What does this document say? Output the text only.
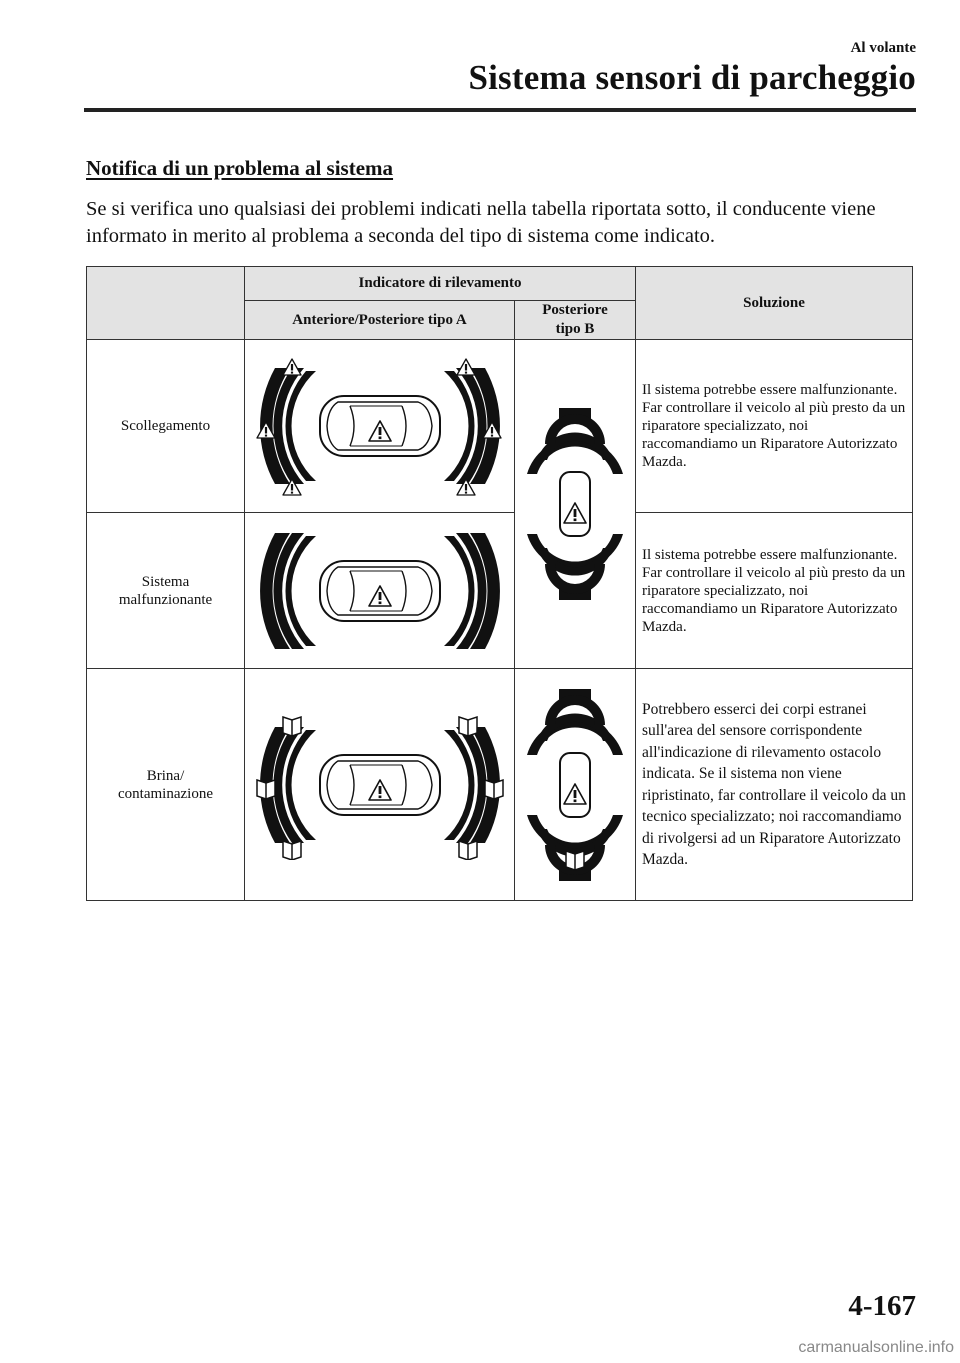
Al volante
Sistema sensori di parcheggio
Notifica di un problema al sistema
Se si verifica uno qualsiasi dei problemi indicati nella tabella riportata sotto, il conducente viene informato in merito al problema a seconda del tipo di sistema come indicato.
	Indicatore di rilevamento		Soluzione
	Anteriore/Posteriore tipo A	Posteriore
tipo B	
Scollegamento			Il sistema potrebbe essere malfunzionante. Far controllare il veicolo al più presto da un riparatore specializzato, noi raccomandiamo un Riparatore Autorizzato Mazda.
Sistema
malfunzionante			Il sistema potrebbe essere malfunzionante. Far controllare il veicolo al più presto da un riparatore specializzato, noi raccomandiamo un Riparatore Autorizzato Mazda.
Brina/
contaminazione			Potrebbero esserci dei corpi estranei sull'area del sensore corrispondente all'indicazione di rilevamento ostacolo indicata. Se il sistema non viene ripristinato, far controllare il veicolo da un tecnico specializzato; noi raccomandiamo di rivolgersi ad un Riparatore Autorizzato Mazda.
4-167
carmanualsonline.info
